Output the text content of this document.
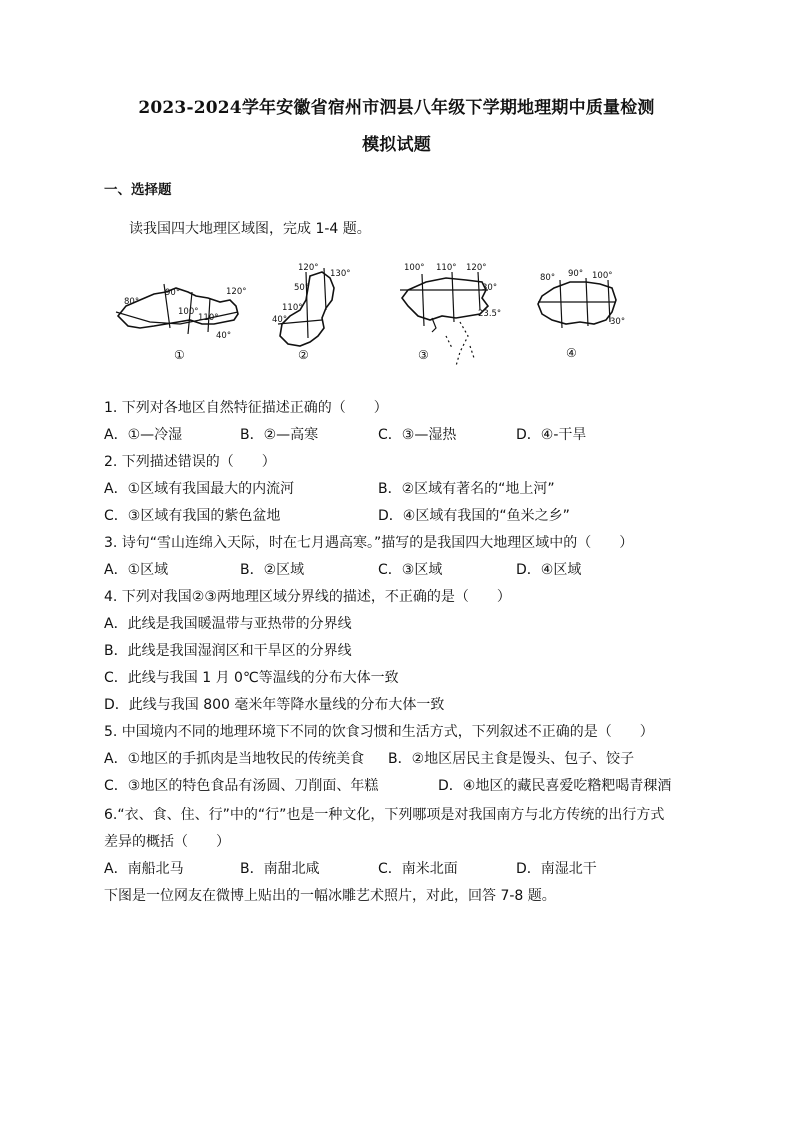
2023-2024学年安徽省宿州市泗县八年级下学期地理期中质量检测
模拟试题
一、选择题
读我国四大地理区域图，完成 1-4 题。
80°
90°
100°
110°
120°
40°
①
120°
130°
50°
110°
40°
②
100° 110° 120°
30°
23.5°
③
80° 90° 100°
30°
④
1. 下列对各地区自然特征描述正确的（　　）
A．①—冷湿	B．②—高寒	C．③—湿热	D．④-干旱
2. 下列描述错误的（　　）
A．①区域有我国最大的内流河	B．②区域有著名的“地上河”
C．③区域有我国的紫色盆地	D．④区域有我国的“鱼米之乡”
3. 诗句“雪山连绵入天际，时在七月遇高寒。”描写的是我国四大地理区域中的（　　）
A．①区域	B．②区域	C．③区域	D．④区域
4. 下列对我国②③两地理区域分界线的描述，不正确的是（　　）
A．此线是我国暖温带与亚热带的分界线
B．此线是我国湿润区和干旱区的分界线
C．此线与我国 1 月 0℃等温线的分布大体一致
D．此线与我国 800 毫米年等降水量线的分布大体一致
5. 中国境内不同的地理环境下不同的饮食习惯和生活方式，下列叙述不正确的是（　　）
A．①地区的手抓肉是当地牧民的传统美食 B．②地区居民主食是馒头、包子、饺子
C．③地区的特色食品有汤圆、刀削面、年糕	D．④地区的藏民喜爱吃糌粑喝青稞酒
6.“衣、食、住、行”中的“行”也是一种文化，下列哪项是对我国南方与北方传统的出行方式
差异的概括（　　）
A．南船北马	B．南甜北咸	C．南米北面	D．南湿北干
下图是一位网友在微博上贴出的一幅冰雕艺术照片，对此，回答 7-8 题。
